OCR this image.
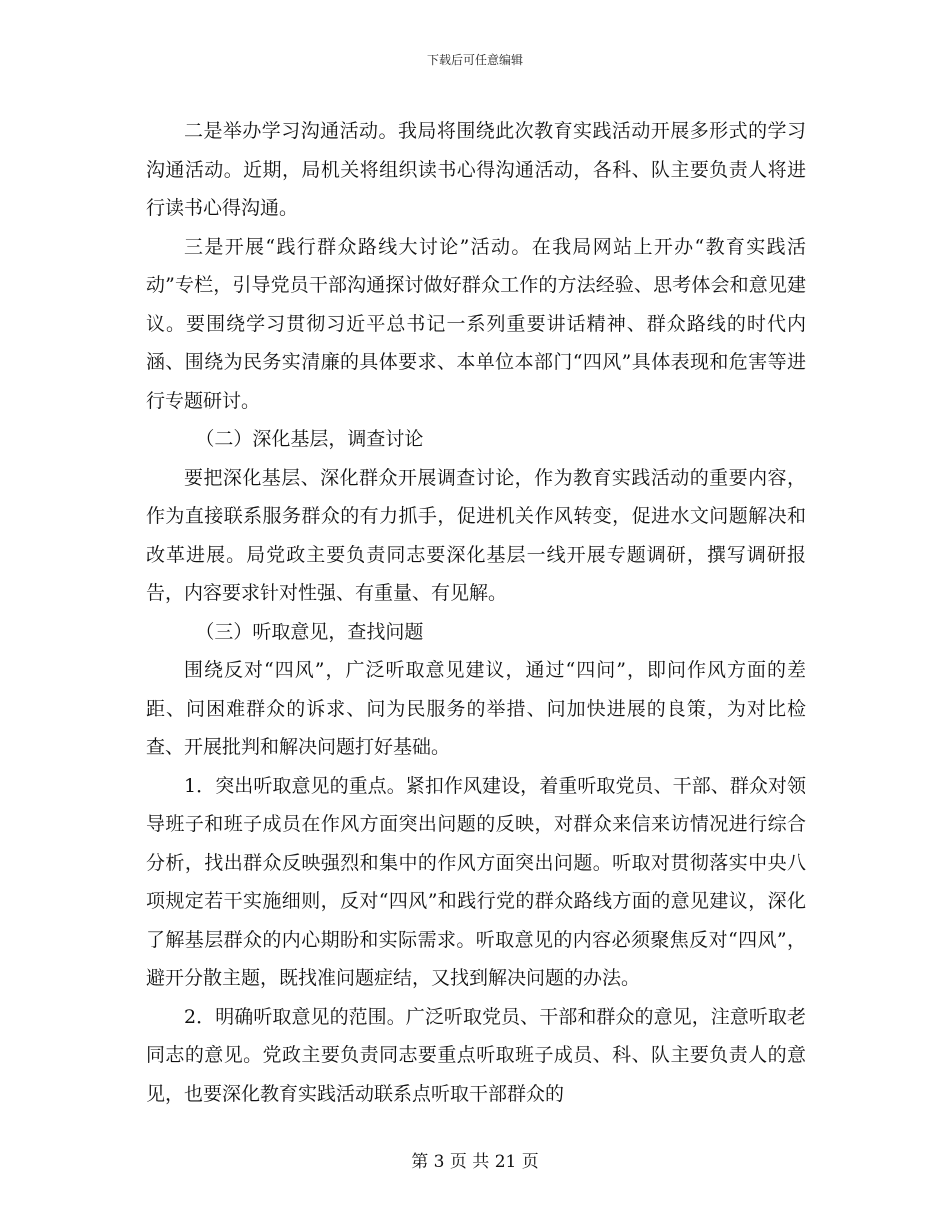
下载后可任意编辑

二是举办学习沟通活动。我局将围绕此次教育实践活动开展多形式的学习沟通活动。近期，局机关将组织读书心得沟通活动，各科、队主要负责人将进行读书心得沟通。

三是开展“践行群众路线大讨论”活动。在我局网站上开办“教育实践活动”专栏，引导党员干部沟通探讨做好群众工作的方法经验、思考体会和意见建议。要围绕学习贯彻习近平总书记一系列重要讲话精神、群众路线的时代内涵、围绕为民务实清廉的具体要求、本单位本部门“四风”具体表现和危害等进行专题研讨。

（二）深化基层，调查讨论

要把深化基层、深化群众开展调查讨论，作为教育实践活动的重要内容，作为直接联系服务群众的有力抓手，促进机关作风转变，促进水文问题解决和改革进展。局党政主要负责同志要深化基层一线开展专题调研，撰写调研报告，内容要求针对性强、有重量、有见解。

（三）听取意见，查找问题

围绕反对“四风”，广泛听取意见建议，通过“四问”，即问作风方面的差距、问困难群众的诉求、问为民服务的举措、问加快进展的良策，为对比检查、开展批判和解决问题打好基础。

1．突出听取意见的重点。紧扣作风建设，着重听取党员、干部、群众对领导班子和班子成员在作风方面突出问题的反映，对群众来信来访情况进行综合分析，找出群众反映强烈和集中的作风方面突出问题。听取对贯彻落实中央八项规定若干实施细则，反对“四风”和践行党的群众路线方面的意见建议，深化了解基层群众的内心期盼和实际需求。听取意见的内容必须聚焦反对“四风”，避开分散主题，既找准问题症结，又找到解决问题的办法。

2．明确听取意见的范围。广泛听取党员、干部和群众的意见，注意听取老同志的意见。党政主要负责同志要重点听取班子成员、科、队主要负责人的意见，也要深化教育实践活动联系点听取干部群众的

第 3 页 共 21 页
